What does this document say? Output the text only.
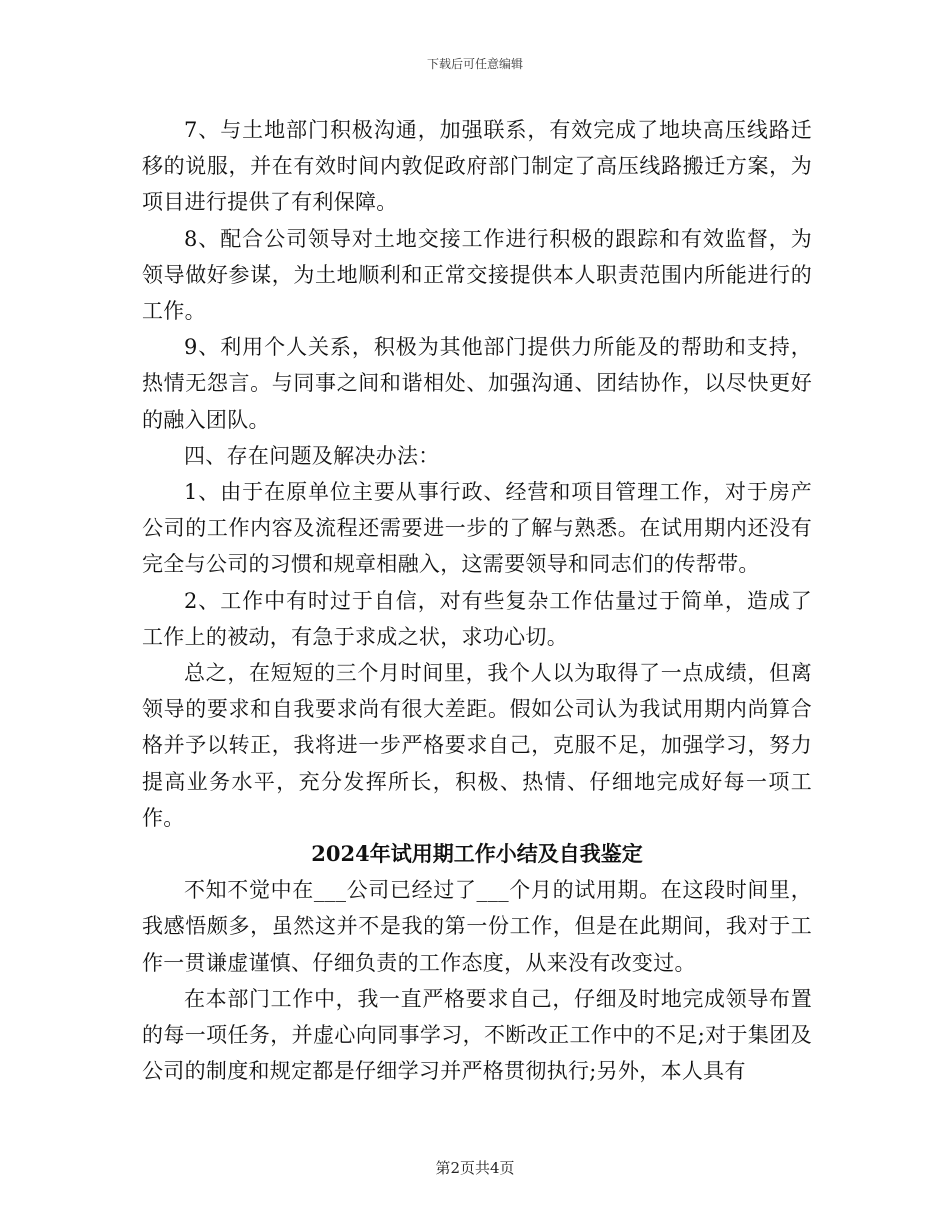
下载后可任意编辑

7、与土地部门积极沟通，加强联系，有效完成了地块高压线路迁移的说服，并在有效时间内敦促政府部门制定了高压线路搬迁方案，为项目进行提供了有利保障。

8、配合公司领导对土地交接工作进行积极的跟踪和有效监督，为领导做好参谋，为土地顺利和正常交接提供本人职责范围内所能进行的工作。

9、利用个人关系，积极为其他部门提供力所能及的帮助和支持，热情无怨言。与同事之间和谐相处、加强沟通、团结协作，以尽快更好的融入团队。

四、存在问题及解决办法：

1、由于在原单位主要从事行政、经营和项目管理工作，对于房产公司的工作内容及流程还需要进一步的了解与熟悉。在试用期内还没有完全与公司的习惯和规章相融入，这需要领导和同志们的传帮带。

2、工作中有时过于自信，对有些复杂工作估量过于简单，造成了工作上的被动，有急于求成之状，求功心切。

总之，在短短的三个月时间里，我个人以为取得了一点成绩，但离领导的要求和自我要求尚有很大差距。假如公司认为我试用期内尚算合格并予以转正，我将进一步严格要求自己，克服不足，加强学习，努力提高业务水平，充分发挥所长，积极、热情、仔细地完成好每一项工作。

2024年试用期工作小结及自我鉴定

不知不觉中在___公司已经过了___个月的试用期。在这段时间里，我感悟颇多，虽然这并不是我的第一份工作，但是在此期间，我对于工作一贯谦虚谨慎、仔细负责的工作态度，从来没有改变过。

在本部门工作中，我一直严格要求自己，仔细及时地完成领导布置的每一项任务，并虚心向同事学习，不断改正工作中的不足;对于集团及公司的制度和规定都是仔细学习并严格贯彻执行;另外，本人具有

第2页共4页
